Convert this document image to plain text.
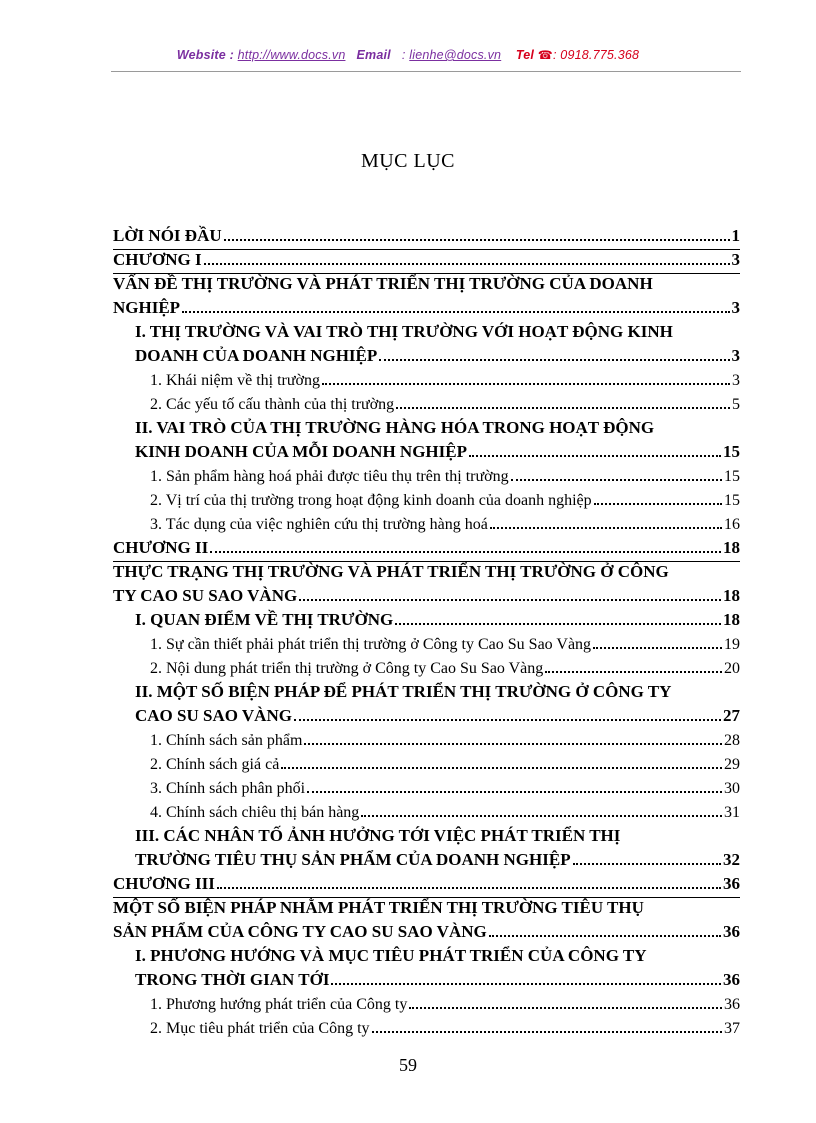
Website : http://www.docs.vn Email : lienhe@docs.vn Tel ☎: 0918.775.368
MỤC LỤC
LỜI NÓI ĐẦU	1
CHƯƠNG I	3
VẤN ĐỀ THỊ TRƯỜNG VÀ PHÁT TRIỂN THỊ TRƯỜNG CỦA DOANH
NGHIỆP	3
I. THỊ TRƯỜNG VÀ VAI TRÒ THỊ TRƯỜNG VỚI HOẠT ĐỘNG KINH
DOANH CỦA DOANH NGHIỆP	3
1. Khái niệm về thị trường	3
2. Các yếu tố cấu thành của thị trường	5
II. VAI TRÒ CỦA THỊ TRƯỜNG HÀNG HÓA TRONG HOẠT ĐỘNG
KINH DOANH CỦA MỖI DOANH NGHIỆP	15
1. Sản phẩm hàng hoá phải được tiêu thụ trên thị trường	15
2. Vị trí của thị trường trong hoạt động kinh doanh của doanh nghiệp	15
3. Tác dụng của việc nghiên cứu thị trường hàng hoá	16
CHƯƠNG II	18
THỰC TRẠNG THỊ TRƯỜNG VÀ PHÁT TRIỂN THỊ TRƯỜNG Ở CÔNG
TY CAO SU SAO VÀNG	18
I. QUAN ĐIỂM VỀ THỊ TRƯỜNG	18
1. Sự cần thiết phải phát triển thị trường ở Công ty Cao Su Sao Vàng	19
2. Nội dung phát triển thị trường ở Công ty Cao Su Sao Vàng	20
II. MỘT SỐ BIỆN PHÁP ĐỂ PHÁT TRIỂN THỊ TRƯỜNG Ở CÔNG TY
CAO SU SAO VÀNG	27
1. Chính sách sản phẩm	28
2. Chính sách giá cả	29
3. Chính sách phân phối	30
4. Chính sách chiêu thị bán hàng	31
III. CÁC NHÂN TỐ ẢNH HƯỞNG TỚI VIỆC PHÁT TRIỂN THỊ
TRƯỜNG TIÊU THỤ SẢN PHẨM CỦA DOANH NGHIỆP	32
CHƯƠNG III	36
MỘT SỐ BIỆN PHÁP NHẰM PHÁT TRIỂN THỊ TRƯỜNG TIÊU THỤ
SẢN PHẨM CỦA CÔNG TY CAO SU SAO VÀNG	36
I. PHƯƠNG HƯỚNG VÀ MỤC TIÊU PHÁT TRIỂN CỦA CÔNG TY
TRONG THỜI GIAN TỚI	36
1. Phương hướng phát triển của Công ty	36
2. Mục tiêu phát triển của Công ty	37
59
